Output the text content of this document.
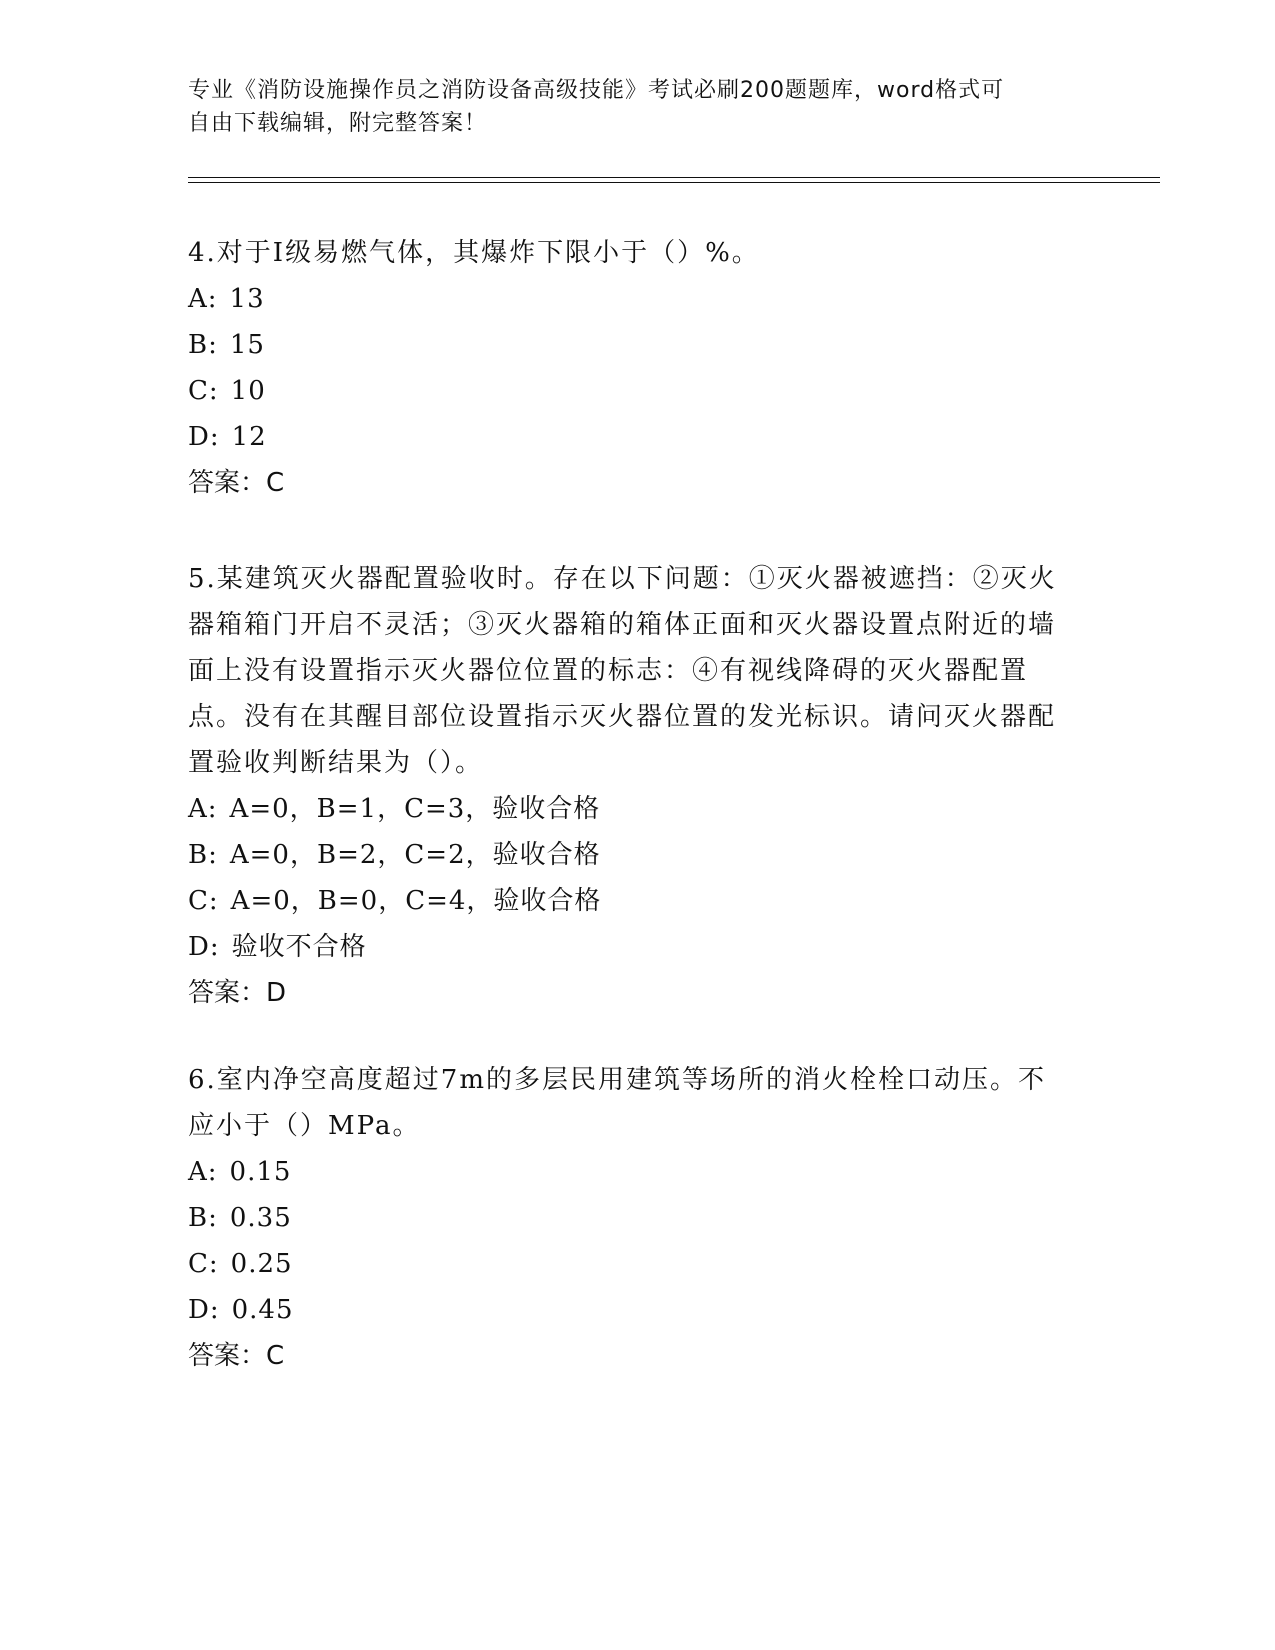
专业《消防设施操作员之消防设备高级技能》考试必刷200题题库，word格式可
自由下载编辑，附完整答案！

4.对于Ⅰ级易燃气体，其爆炸下限小于（）%。

A: 13

B: 15

C: 10

D: 12

答案：C

5.某建筑灭火器配置验收时。存在以下问题：①灭火器被遮挡：②灭火器箱箱门开启不灵活；③灭火器箱的箱体正面和灭火器设置点附近的墙面上没有设置指示灭火器位位置的标志：④有视线降碍的灭火器配置点。没有在其醒目部位设置指示灭火器位置的发光标识。请问灭火器配置验收判断结果为（）。

A: A=0，B=1，C=3，验收合格

B: A=0，B=2，C=2，验收合格

C: A=0，B=0，C=4，验收合格

D: 验收不合格

答案：D

6.室内净空高度超过7m的多层民用建筑等场所的消火栓栓口动压。不应小于（）MPa。

A: 0.15

B: 0.35

C: 0.25

D: 0.45

答案：C
